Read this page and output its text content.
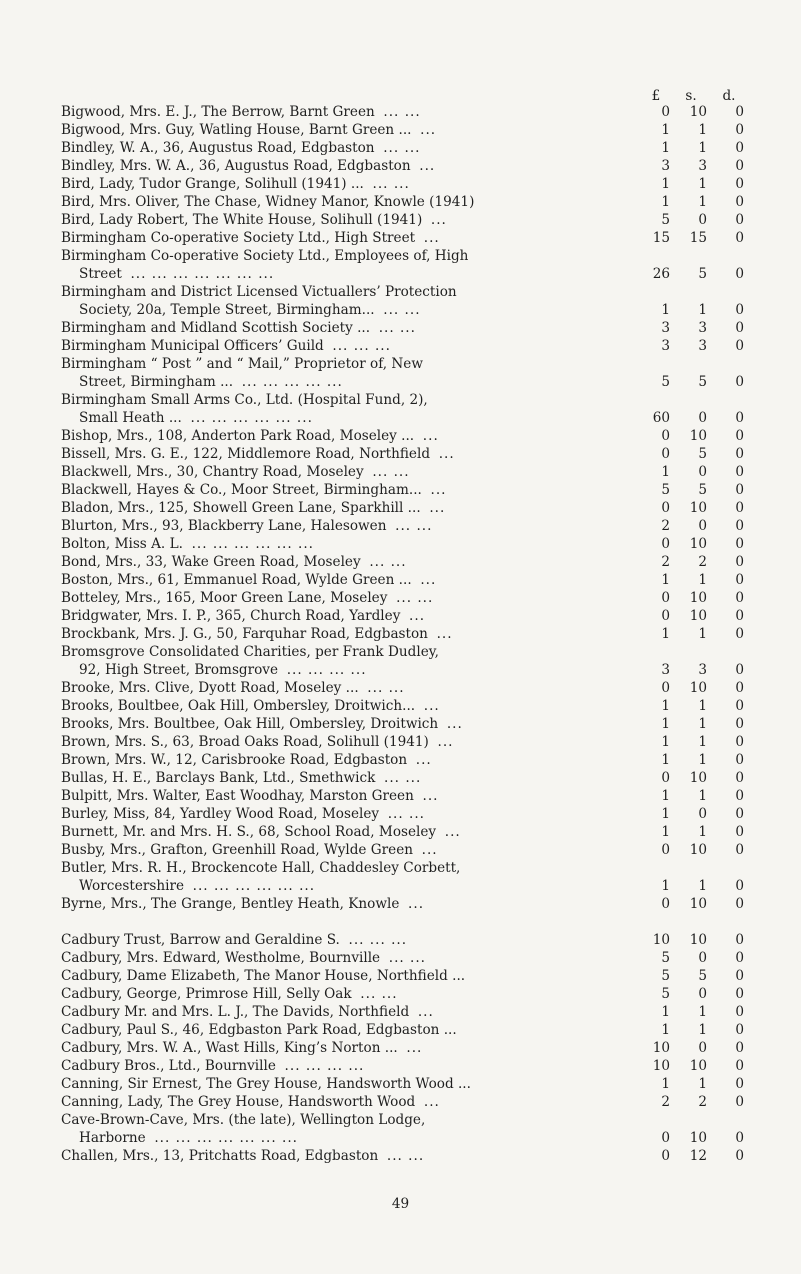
£	s.	d.
Bigwood, Mrs. E. J., The Berrow, Barnt Green ... ...	0	10	0
Bigwood, Mrs. Guy, Watling House, Barnt Green ... ...	1	1	0
Bindley, W. A., 36, Augustus Road, Edgbaston ... ...	1	1	0
Bindley, Mrs. W. A., 36, Augustus Road, Edgbaston ...	3	3	0
Bird, Lady, Tudor Grange, Solihull (1941) ... ... ...	1	1	0
Bird, Mrs. Oliver, The Chase, Widney Manor, Knowle (1941)	1	1	0
Bird, Lady Robert, The White House, Solihull (1941) ...	5	0	0
Birmingham Co-operative Society Ltd., High Street ...	15	15	0
Birmingham Co-operative Society Ltd., Employees of, High
Street ... ... ... ... ... ... ...	26	5	0
Birmingham and District Licensed Victuallers’ Protection
Society, 20a, Temple Street, Birmingham... ... ...	1	1	0
Birmingham and Midland Scottish Society ... ... ...	3	3	0
Birmingham Municipal Officers’ Guild ... ... ...	3	3	0
Birmingham “ Post ” and “ Mail,” Proprietor of, New
Street, Birmingham ... ... ... ... ... ...	5	5	0
Birmingham Small Arms Co., Ltd. (Hospital Fund, 2),
Small Heath ... ... ... ... ... ... ...	60	0	0
Bishop, Mrs., 108, Anderton Park Road, Moseley ... ...	0	10	0
Bissell, Mrs. G. E., 122, Middlemore Road, Northfield ...	0	5	0
Blackwell, Mrs., 30, Chantry Road, Moseley ... ...	1	0	0
Blackwell, Hayes & Co., Moor Street, Birmingham... ...	5	5	0
Bladon, Mrs., 125, Showell Green Lane, Sparkhill ... ...	0	10	0
Blurton, Mrs., 93, Blackberry Lane, Halesowen ... ...	2	0	0
Bolton, Miss A. L. ... ... ... ... ... ...	0	10	0
Bond, Mrs., 33, Wake Green Road, Moseley ... ...	2	2	0
Boston, Mrs., 61, Emmanuel Road, Wylde Green ... ...	1	1	0
Botteley, Mrs., 165, Moor Green Lane, Moseley ... ...	0	10	0
Bridgwater, Mrs. I. P., 365, Church Road, Yardley ...	0	10	0
Brockbank, Mrs. J. G., 50, Farquhar Road, Edgbaston ...	1	1	0
Bromsgrove Consolidated Charities, per Frank Dudley,
92, High Street, Bromsgrove ... ... ... ...	3	3	0
Brooke, Mrs. Clive, Dyott Road, Moseley ... ... ...	0	10	0
Brooks, Boultbee, Oak Hill, Ombersley, Droitwich... ...	1	1	0
Brooks, Mrs. Boultbee, Oak Hill, Ombersley, Droitwich ...	1	1	0
Brown, Mrs. S., 63, Broad Oaks Road, Solihull (1941) ...	1	1	0
Brown, Mrs. W., 12, Carisbrooke Road, Edgbaston ...	1	1	0
Bullas, H. E., Barclays Bank, Ltd., Smethwick ... ...	0	10	0
Bulpitt, Mrs. Walter, East Woodhay, Marston Green ...	1	1	0
Burley, Miss, 84, Yardley Wood Road, Moseley ... ...	1	0	0
Burnett, Mr. and Mrs. H. S., 68, School Road, Moseley ...	1	1	0
Busby, Mrs., Grafton, Greenhill Road, Wylde Green ...	0	10	0
Butler, Mrs. R. H., Brockencote Hall, Chaddesley Corbett,
Worcestershire ... ... ... ... ... ...	1	1	0
Byrne, Mrs., The Grange, Bentley Heath, Knowle ...	0	10	0
Cadbury Trust, Barrow and Geraldine S. ... ... ...	10	10	0
Cadbury, Mrs. Edward, Westholme, Bournville ... ...	5	0	0
Cadbury, Dame Elizabeth, The Manor House, Northfield ...	5	5	0
Cadbury, George, Primrose Hill, Selly Oak ... ...	5	0	0
Cadbury Mr. and Mrs. L. J., The Davids, Northfield ...	1	1	0
Cadbury, Paul S., 46, Edgbaston Park Road, Edgbaston ...	1	1	0
Cadbury, Mrs. W. A., Wast Hills, King’s Norton ... ...	10	0	0
Cadbury Bros., Ltd., Bournville ... ... ... ...	10	10	0
Canning, Sir Ernest, The Grey House, Handsworth Wood ...	1	1	0
Canning, Lady, The Grey House, Handsworth Wood ...	2	2	0
Cave-Brown-Cave, Mrs. (the late), Wellington Lodge,
Harborne ... ... ... ... ... ... ...	0	10	0
Challen, Mrs., 13, Pritchatts Road, Edgbaston ... ...	0	12	0
49
